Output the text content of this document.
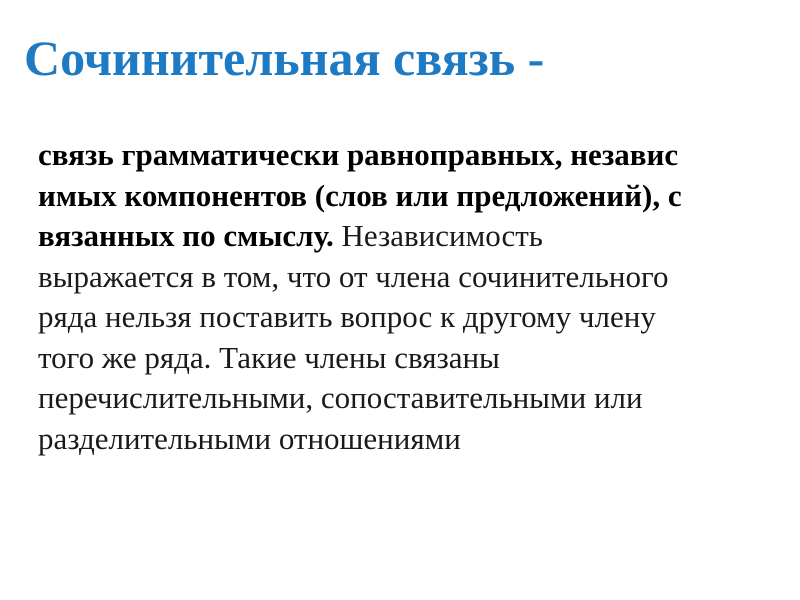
Сочинительная связь -

связь грамматически равноправных, независ
имых компонентов (слов или предложений), с
вязанных по смыслу. Независимость
выражается в том, что от члена сочинительного
ряда нельзя поставить вопрос к другому члену
того же ряда. Такие члены связаны
перечислительными, сопоставительными или
разделительными отношениями
